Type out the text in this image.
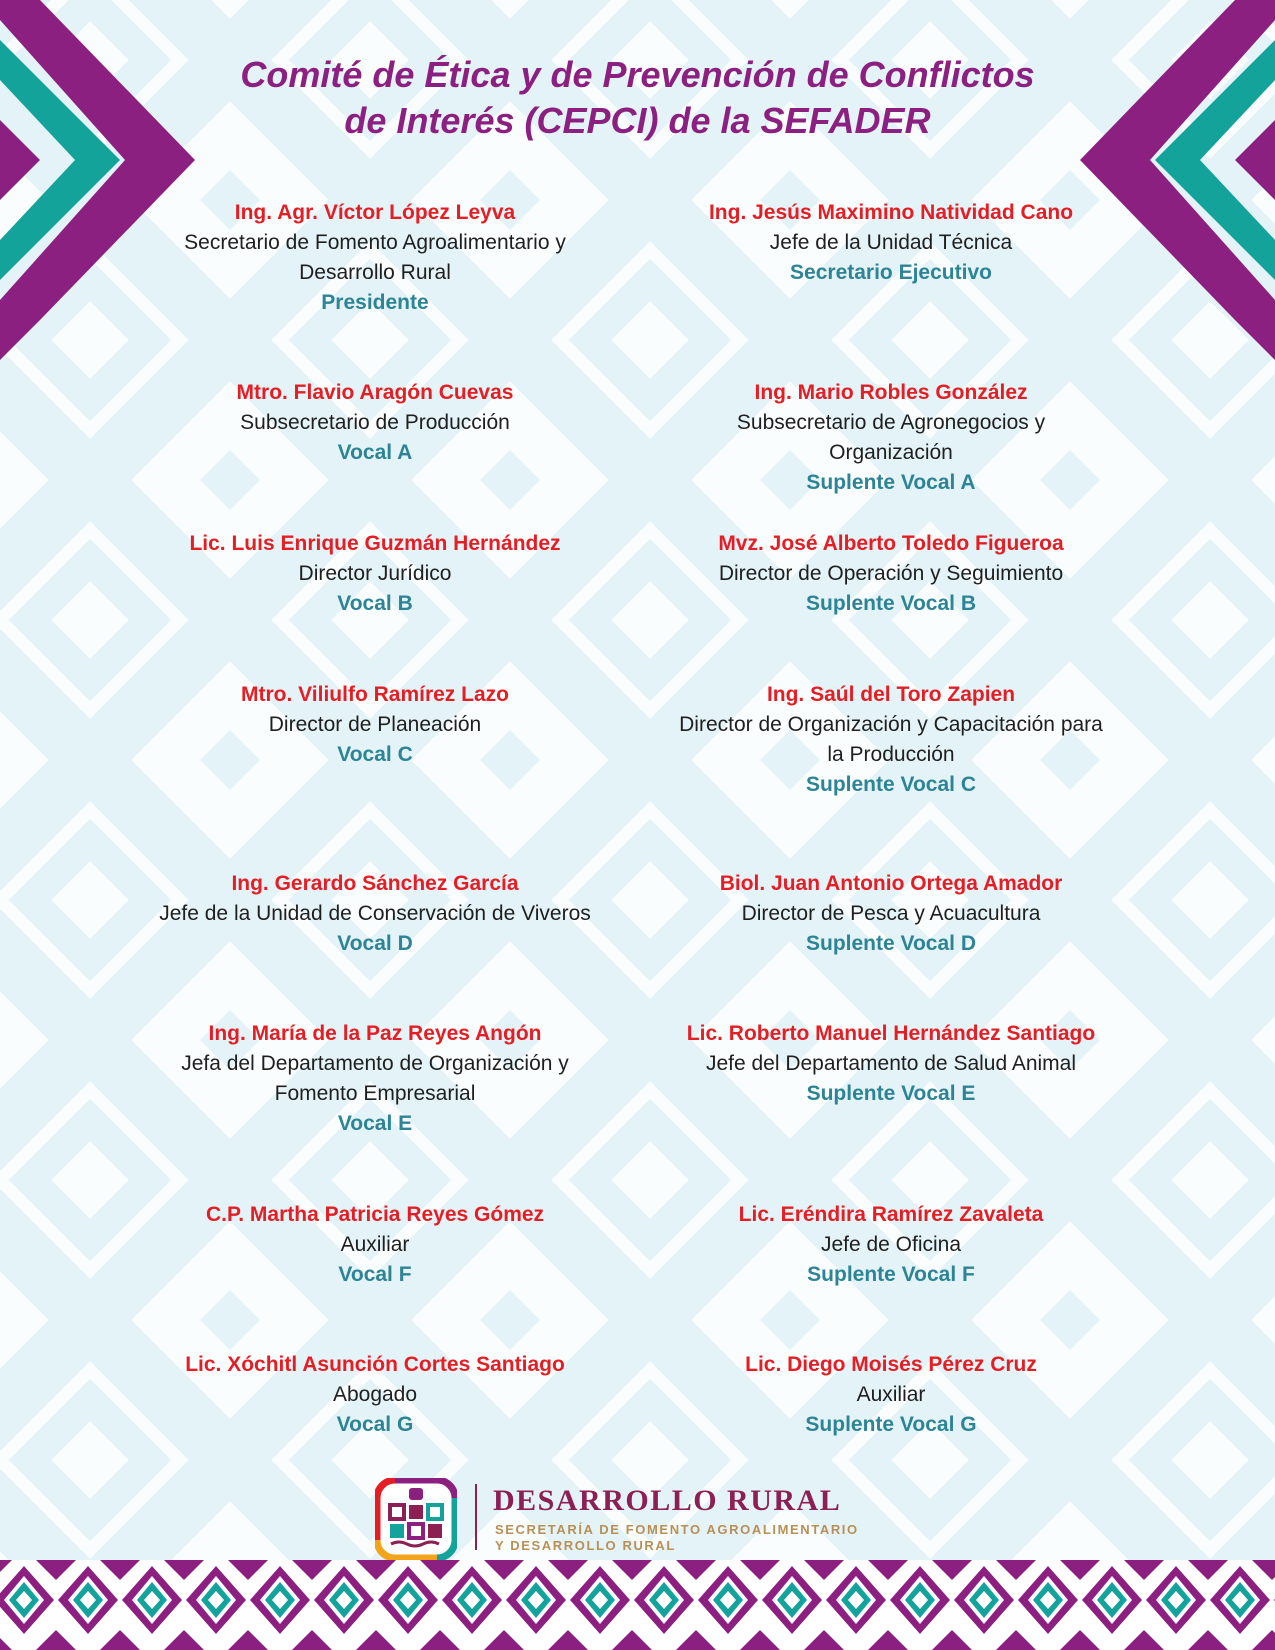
Comité de Ética y de Prevención de Conflictos
de Interés (CEPCI) de la SEFADER
Ing. Agr. Víctor López Leyva
Secretario de Fomento Agroalimentario y
Desarrollo Rural
Presidente
Mtro. Flavio Aragón Cuevas
Subsecretario de Producción
Vocal A
Lic. Luis Enrique Guzmán Hernández
Director Jurídico
Vocal B
Mtro. Viliulfo Ramírez Lazo
Director de Planeación
Vocal C
Ing. Gerardo Sánchez García
Jefe de la Unidad de Conservación de Viveros
Vocal D
Ing. María de la Paz Reyes Angón
Jefa del Departamento de Organización y
Fomento Empresarial
Vocal E
C.P. Martha Patricia Reyes Gómez
Auxiliar
Vocal F
Lic. Xóchitl Asunción Cortes Santiago
Abogado
Vocal G
Ing. Jesús Maximino Natividad Cano
Jefe de la Unidad Técnica
Secretario Ejecutivo
Ing. Mario Robles González
Subsecretario de Agronegocios y
Organización
Suplente Vocal A
Mvz. José Alberto Toledo Figueroa
Director de Operación y Seguimiento
Suplente Vocal B
Ing. Saúl del Toro Zapien
Director de Organización y Capacitación para
la Producción
Suplente Vocal C
Biol. Juan Antonio Ortega Amador
Director de Pesca y Acuacultura
Suplente Vocal D
Lic. Roberto Manuel Hernández Santiago
Jefe del Departamento de Salud Animal
Suplente Vocal E
Lic. Eréndira Ramírez Zavaleta
Jefe de Oficina
Suplente Vocal F
Lic. Diego Moisés Pérez Cruz
Auxiliar
Suplente Vocal G
DESARROLLO RURAL
SECRETARÍA DE FOMENTO AGROALIMENTARIO
Y DESARROLLO RURAL
